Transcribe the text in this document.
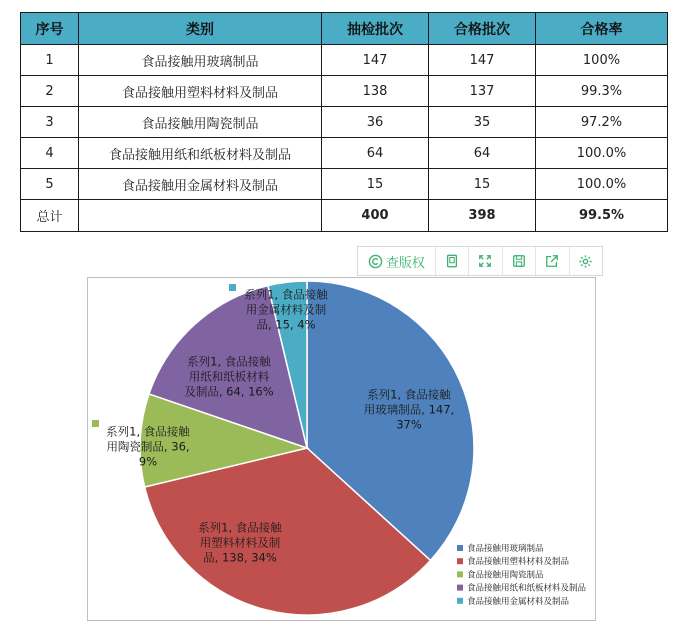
序号	类别	抽检批次	合格批次	合格率
1	食品接触用玻璃制品	147	147	100%
2	食品接触用塑料材料及制品	138	137	99.3%
3	食品接触用陶瓷制品	36	35	97.2%
4	食品接触用纸和纸板材料及制品	64	64	100.0%
5	食品接触用金属材料及制品	15	15	100.0%
总计		400	398	99.5%
查版权
系列1, 食品接触用玻璃制品, 147, 37%
系列1, 食品接触用塑料材料及制品, 138, 34%
系列1, 食品接触用陶瓷制品, 36, 9%
系列1, 食品接触用纸和纸板材料及制品, 64, 16%
系列1, 食品接触用金属材料及制品, 15, 4%
食品接触用玻璃制品
食品接触用塑料材料及制品
食品接触用陶瓷制品
食品接触用纸和纸板材料及制品
食品接触用金属材料及制品
